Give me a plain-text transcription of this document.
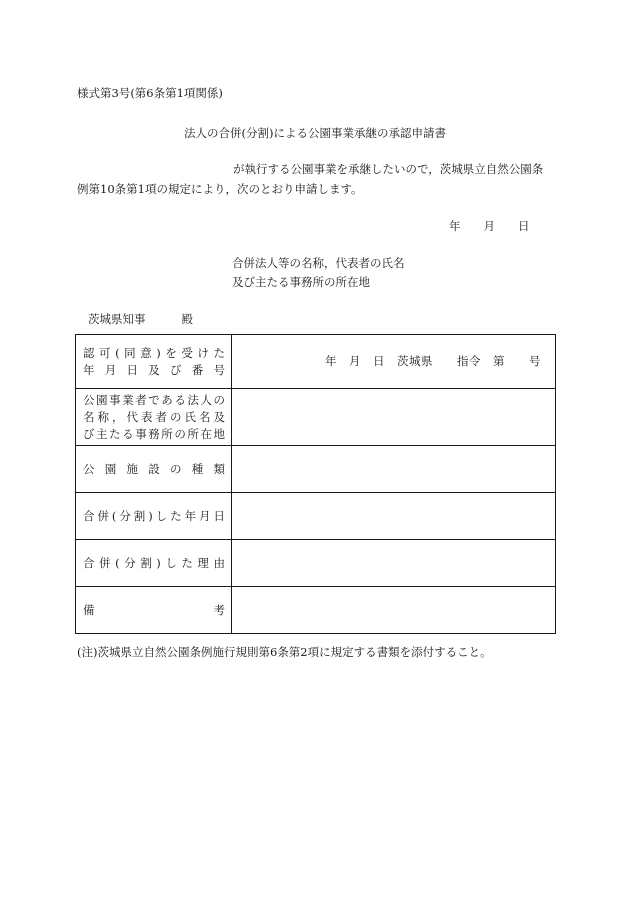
様式第3号(第6条第1項関係)
法人の合併(分割)による公園事業承継の承認申請書
が執行する公園事業を承継したいので，茨城県立自然公園条
例第10条第1項の規定により，次のとおり申請します。
年 月 日
合併法人等の名称，代表者の氏名
及び主たる事務所の所在地
茨城県知事	殿
認可(同意)を受けた
年月日及び番号	年　月　日　茨城県　　指令　第　　号

公園事業者である法人の
名称，代表者の氏名及
び主たる事務所の所在地	

公園施設の種類	

合併(分割)した年月日	

合併(分割)した理由	

備 考	

(注)茨城県立自然公園条例施行規則第6条第2項に規定する書類を添付すること。
